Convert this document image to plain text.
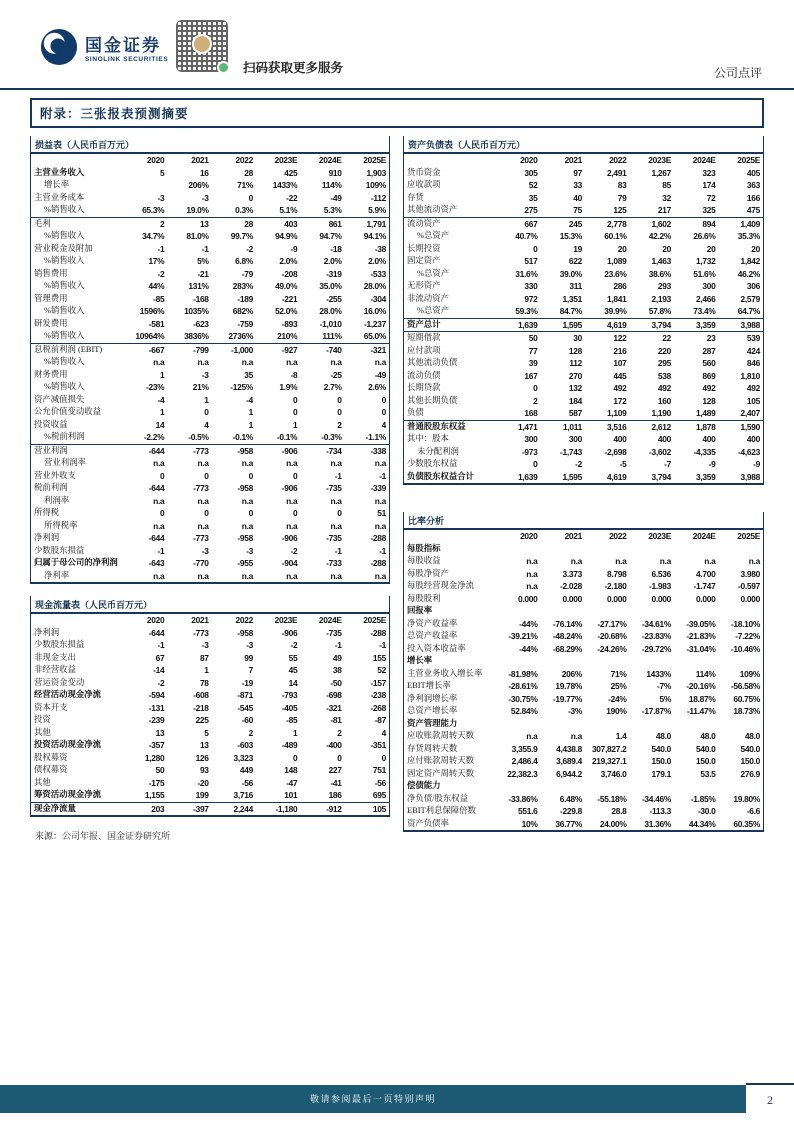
国金证券
SINOLINK SECURITIES
扫码获取更多服务	公司点评
附录：三张报表预测摘要
损益表（人民币百万元）
	2020	2021	2022	2023E	2024E	2025E
主营业务收入	5	16	28	425	910	1,903
增长率		206%	71%	1433%	114%	109%
主营业务成本	-3	-3	0	-22	-49	-112
%销售收入	65.3%	19.0%	0.3%	5.1%	5.3%	5.9%
毛利	2	13	28	403	861	1,791
%销售收入	34.7%	81.0%	99.7%	94.9%	94.7%	94.1%
营业税金及附加	-1	-1	-2	-9	-18	-38
%销售收入	17%	5%	6.8%	2.0%	2.0%	2.0%
销售费用	-2	-21	-79	-208	-319	-533
%销售收入	44%	131%	283%	49.0%	35.0%	28.0%
管理费用	-85	-168	-189	-221	-255	-304
%销售收入	1596%	1035%	682%	52.0%	28.0%	16.0%
研发费用	-581	-623	-759	-893	-1,010	-1,237
%销售收入	10964%	3836%	2736%	210%	111%	65.0%
息税前利润 (EBIT)	-667	-799	-1,000	-927	-740	-321
%销售收入	n.a	n.a	n.a	n.a	n.a	n.a
财务费用	1	-3	35	-8	-25	-49
%销售收入	-23%	21%	-125%	1.9%	2.7%	2.6%
资产减值损失	-4	1	-4	0	0	0
公允价值变动收益	1	0	1	0	0	0
投资收益	14	4	1	1	2	4
%税前利润	-2.2%	-0.5%	-0.1%	-0.1%	-0.3%	-1.1%
营业利润	-644	-773	-958	-906	-734	-338
营业利润率	n.a	n.a	n.a	n.a	n.a	n.a
营业外收支	0	0	0	0	-1	-1
税前利润	-644	-773	-958	-906	-735	-339
利润率	n.a	n.a	n.a	n.a	n.a	n.a
所得税	0	0	0	0	0	51
所得税率	n.a	n.a	n.a	n.a	n.a	n.a
净利润	-644	-773	-958	-906	-735	-288
少数股东损益	-1	-3	-3	-2	-1	-1
归属于母公司的净利润	-643	-770	-955	-904	-733	-288
净利率	n.a	n.a	n.a	n.a	n.a	n.a
现金流量表（人民币百万元）
	2020	2021	2022	2023E	2024E	2025E
净利润	-644	-773	-958	-906	-735	-288
少数股东损益	-1	-3	-3	-2	-1	-1
非现金支出	67	87	99	55	49	155
非经营收益	-14	1	7	45	38	52
营运资金变动	-2	78	-19	14	-50	-157
经营活动现金净流	-594	-608	-871	-793	-698	-238
资本开支	-131	-218	-545	-405	-321	-268
投资	-239	225	-60	-85	-81	-87
其他	13	5	2	1	2	4
投资活动现金净流	-357	13	-603	-489	-400	-351
股权募资	1,280	126	3,323	0	0	0
债权募资	50	93	449	148	227	751
其他	-175	-20	-56	-47	-41	-56
筹资活动现金净流	1,155	199	3,716	101	186	695
现金净流量	203	-397	2,244	-1,180	-912	105
来源：公司年报、国金证券研究所
资产负债表（人民币百万元）
	2020	2021	2022	2023E	2024E	2025E
货币资金	305	97	2,491	1,267	323	405
应收款项	52	33	83	85	174	363
存货	35	40	79	32	72	166
其他流动资产	275	75	125	217	325	475
流动资产	667	245	2,778	1,602	894	1,409
%总资产	40.7%	15.3%	60.1%	42.2%	26.6%	35.3%
长期投资	0	19	20	20	20	20
固定资产	517	622	1,089	1,463	1,732	1,842
%总资产	31.6%	39.0%	23.6%	38.6%	51.6%	46.2%
无形资产	330	311	286	293	300	306
非流动资产	972	1,351	1,841	2,193	2,466	2,579
%总资产	59.3%	84.7%	39.9%	57.8%	73.4%	64.7%
资产总计	1,639	1,595	4,619	3,794	3,359	3,988
短期借款	50	30	122	22	23	539
应付款项	77	128	216	220	287	424
其他流动负债	39	112	107	295	560	846
流动负债	167	270	445	538	869	1,810
长期贷款	0	132	492	492	492	492
其他长期负债	2	184	172	160	128	105
负债	168	587	1,109	1,190	1,489	2,407
普通股股东权益	1,471	1,011	3,516	2,612	1,878	1,590
其中：股本	300	300	400	400	400	400
未分配利润	-973	-1,743	-2,698	-3,602	-4,335	-4,623
少数股东权益	0	-2	-5	-7	-9	-9
负债股东权益合计	1,639	1,595	4,619	3,794	3,359	3,988
比率分析
	2020	2021	2022	2023E	2024E	2025E
每股指标						
每股收益	n.a	n.a	n.a	n.a	n.a	n.a
每股净资产	n.a	3.373	8.798	6.536	4.700	3.980
每股经营现金净流	n.a	-2.028	-2.180	-1.983	-1.747	-0.597
每股股利	0.000	0.000	0.000	0.000	0.000	0.000
回报率						
净资产收益率	-44%	-76.14%	-27.17%	-34.61%	-39.05%	-18.10%
总资产收益率	-39.21%	-48.24%	-20.68%	-23.83%	-21.83%	-7.22%
投入资本收益率	-44%	-68.29%	-24.26%	-29.72%	-31.04%	-10.46%
增长率						
主营业务收入增长率	-81.98%	206%	71%	1433%	114%	109%
EBIT增长率	-28.61%	19.78%	25%	-7%	-20.16%	-56.58%
净利润增长率	-30.75%	-19.77%	-24%	5%	18.87%	60.75%
总资产增长率	52.84%	-3%	190%	-17.87%	-11.47%	18.73%
资产管理能力						
应收账款周转天数	n.a	n.a	1.4	48.0	48.0	48.0
存货周转天数	3,355.9	4,438.8	307,827.2	540.0	540.0	540.0
应付账款周转天数	2,486.4	3,689.4	219,327.1	150.0	150.0	150.0
固定资产周转天数	22,382.3	6,944.2	3,746.0	179.1	53.5	276.9
偿债能力						
净负债/股东权益	-33.86%	6.48%	-55.18%	-34.46%	-1.85%	19.80%
EBIT利息保障倍数	551.6	-229.8	28.8	-113.3	-30.0	-6.6
资产负债率	10%	36.77%	24.00%	31.36%	44.34%	60.35%
敬请参阅最后一页特别声明	2
